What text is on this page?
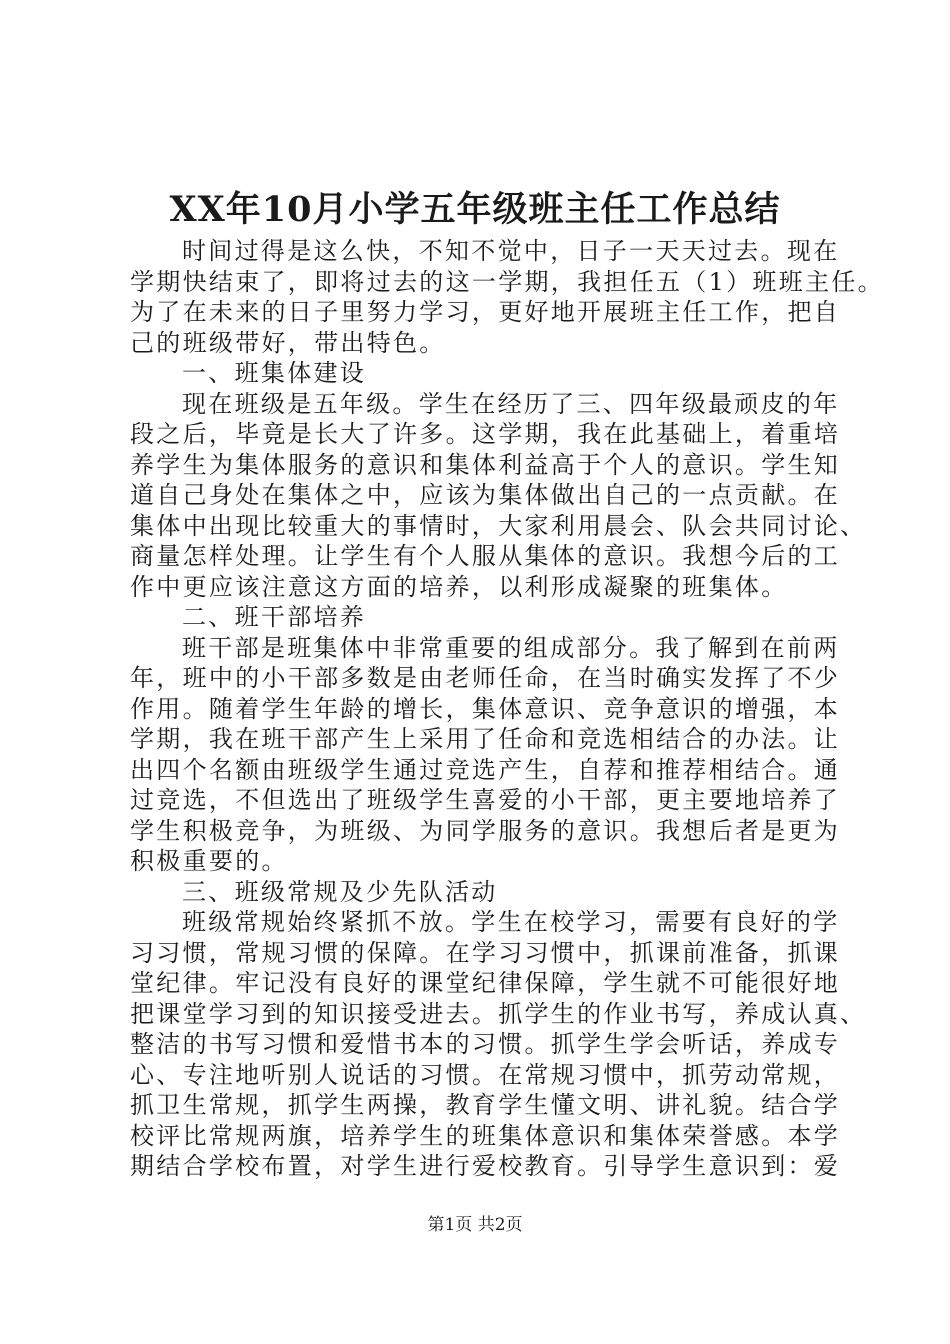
XX年10月小学五年级班主任工作总结
时间过得是这么快，不知不觉中，日子一天天过去。现在
学期快结束了，即将过去的这一学期，我担任五（1）班班主任。
为了在未来的日子里努力学习，更好地开展班主任工作，把自
己的班级带好，带出特色。
一、班集体建设
现在班级是五年级。学生在经历了三、四年级最顽皮的年
段之后，毕竟是长大了许多。这学期，我在此基础上，着重培
养学生为集体服务的意识和集体利益高于个人的意识。学生知
道自己身处在集体之中，应该为集体做出自己的一点贡献。在
集体中出现比较重大的事情时，大家利用晨会、队会共同讨论、
商量怎样处理。让学生有个人服从集体的意识。我想今后的工
作中更应该注意这方面的培养，以利形成凝聚的班集体。
二、班干部培养
班干部是班集体中非常重要的组成部分。我了解到在前两
年，班中的小干部多数是由老师任命，在当时确实发挥了不少
作用。随着学生年龄的增长，集体意识、竞争意识的增强，本
学期，我在班干部产生上采用了任命和竞选相结合的办法。让
出四个名额由班级学生通过竞选产生，自荐和推荐相结合。通
过竞选，不但选出了班级学生喜爱的小干部，更主要地培养了
学生积极竞争，为班级、为同学服务的意识。我想后者是更为
积极重要的。
三、班级常规及少先队活动
班级常规始终紧抓不放。学生在校学习，需要有良好的学
习习惯，常规习惯的保障。在学习习惯中，抓课前准备，抓课
堂纪律。牢记没有良好的课堂纪律保障，学生就不可能很好地
把课堂学习到的知识接受进去。抓学生的作业书写，养成认真、
整洁的书写习惯和爱惜书本的习惯。抓学生学会听话，养成专
心、专注地听别人说话的习惯。在常规习惯中，抓劳动常规，
抓卫生常规，抓学生两操，教育学生懂文明、讲礼貌。结合学
校评比常规两旗，培养学生的班集体意识和集体荣誉感。本学
期结合学校布置，对学生进行爱校教育。引导学生意识到：爱
第1页 共2页
